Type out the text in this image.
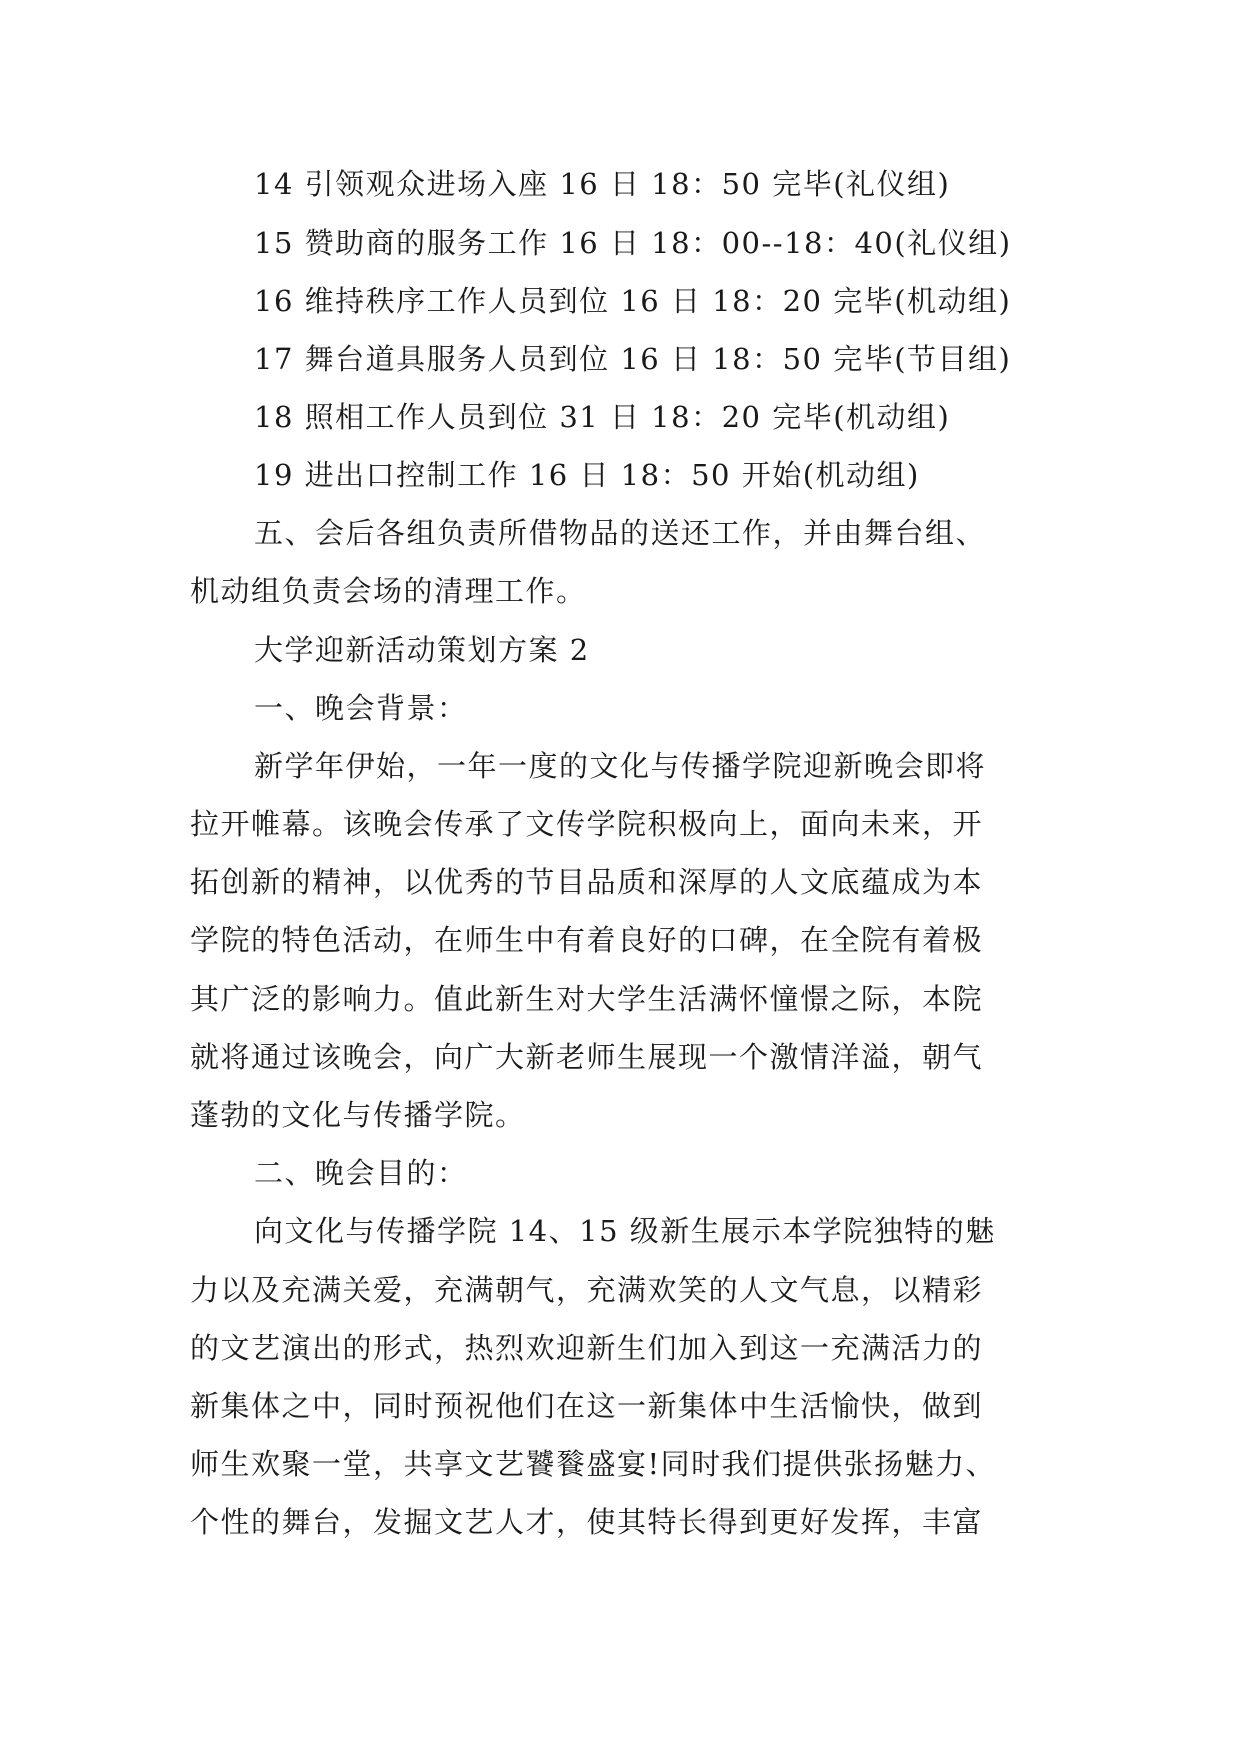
14 引领观众进场入座 16 日 18：50 完毕(礼仪组)
15 赞助商的服务工作 16 日 18：00--18：40(礼仪组)
16 维持秩序工作人员到位 16 日 18：20 完毕(机动组)
17 舞台道具服务人员到位 16 日 18：50 完毕(节目组)
18 照相工作人员到位 31 日 18：20 完毕(机动组)
19 进出口控制工作 16 日 18：50 开始(机动组)
五、会后各组负责所借物品的送还工作，并由舞台组、
机动组负责会场的清理工作。
大学迎新活动策划方案 2
一、晚会背景：
新学年伊始，一年一度的文化与传播学院迎新晚会即将
拉开帷幕。该晚会传承了文传学院积极向上，面向未来，开
拓创新的精神，以优秀的节目品质和深厚的人文底蕴成为本
学院的特色活动，在师生中有着良好的口碑，在全院有着极
其广泛的影响力。值此新生对大学生活满怀憧憬之际，本院
就将通过该晚会，向广大新老师生展现一个激情洋溢，朝气
蓬勃的文化与传播学院。
二、晚会目的：
向文化与传播学院 14、15 级新生展示本学院独特的魅
力以及充满关爱，充满朝气，充满欢笑的人文气息，以精彩
的文艺演出的形式，热烈欢迎新生们加入到这一充满活力的
新集体之中，同时预祝他们在这一新集体中生活愉快，做到
师生欢聚一堂，共享文艺饕餮盛宴!同时我们提供张扬魅力、
个性的舞台，发掘文艺人才，使其特长得到更好发挥，丰富
